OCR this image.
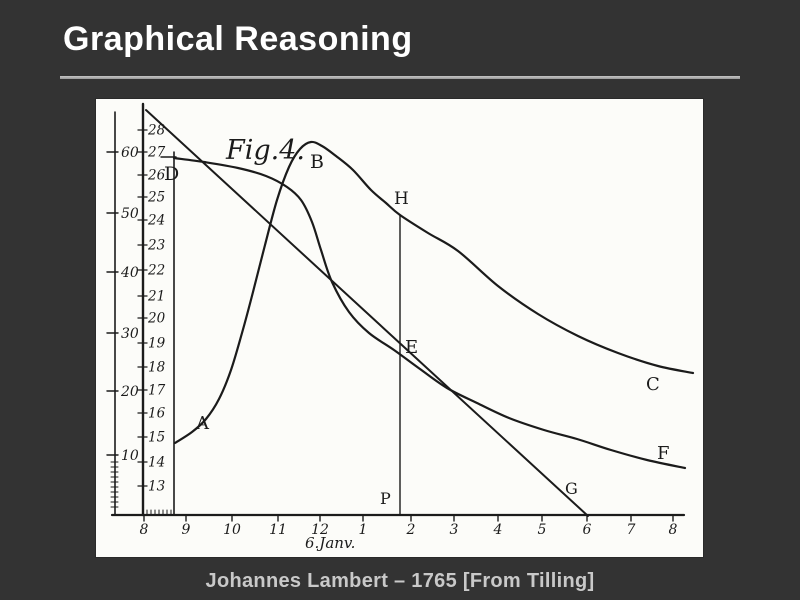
Graphical Reasoning
60
50
40
30
20
10
28
27
26
25
24
23
22
21
20
19
18
17
16
15
14
13
8 9 10 11 12 1	2 3	4	5	6	7 8
Fig.4.
D
A
B
H
E
P
C
F
G
6.Janv.
Johannes Lambert – 1765 [From Tilling]
